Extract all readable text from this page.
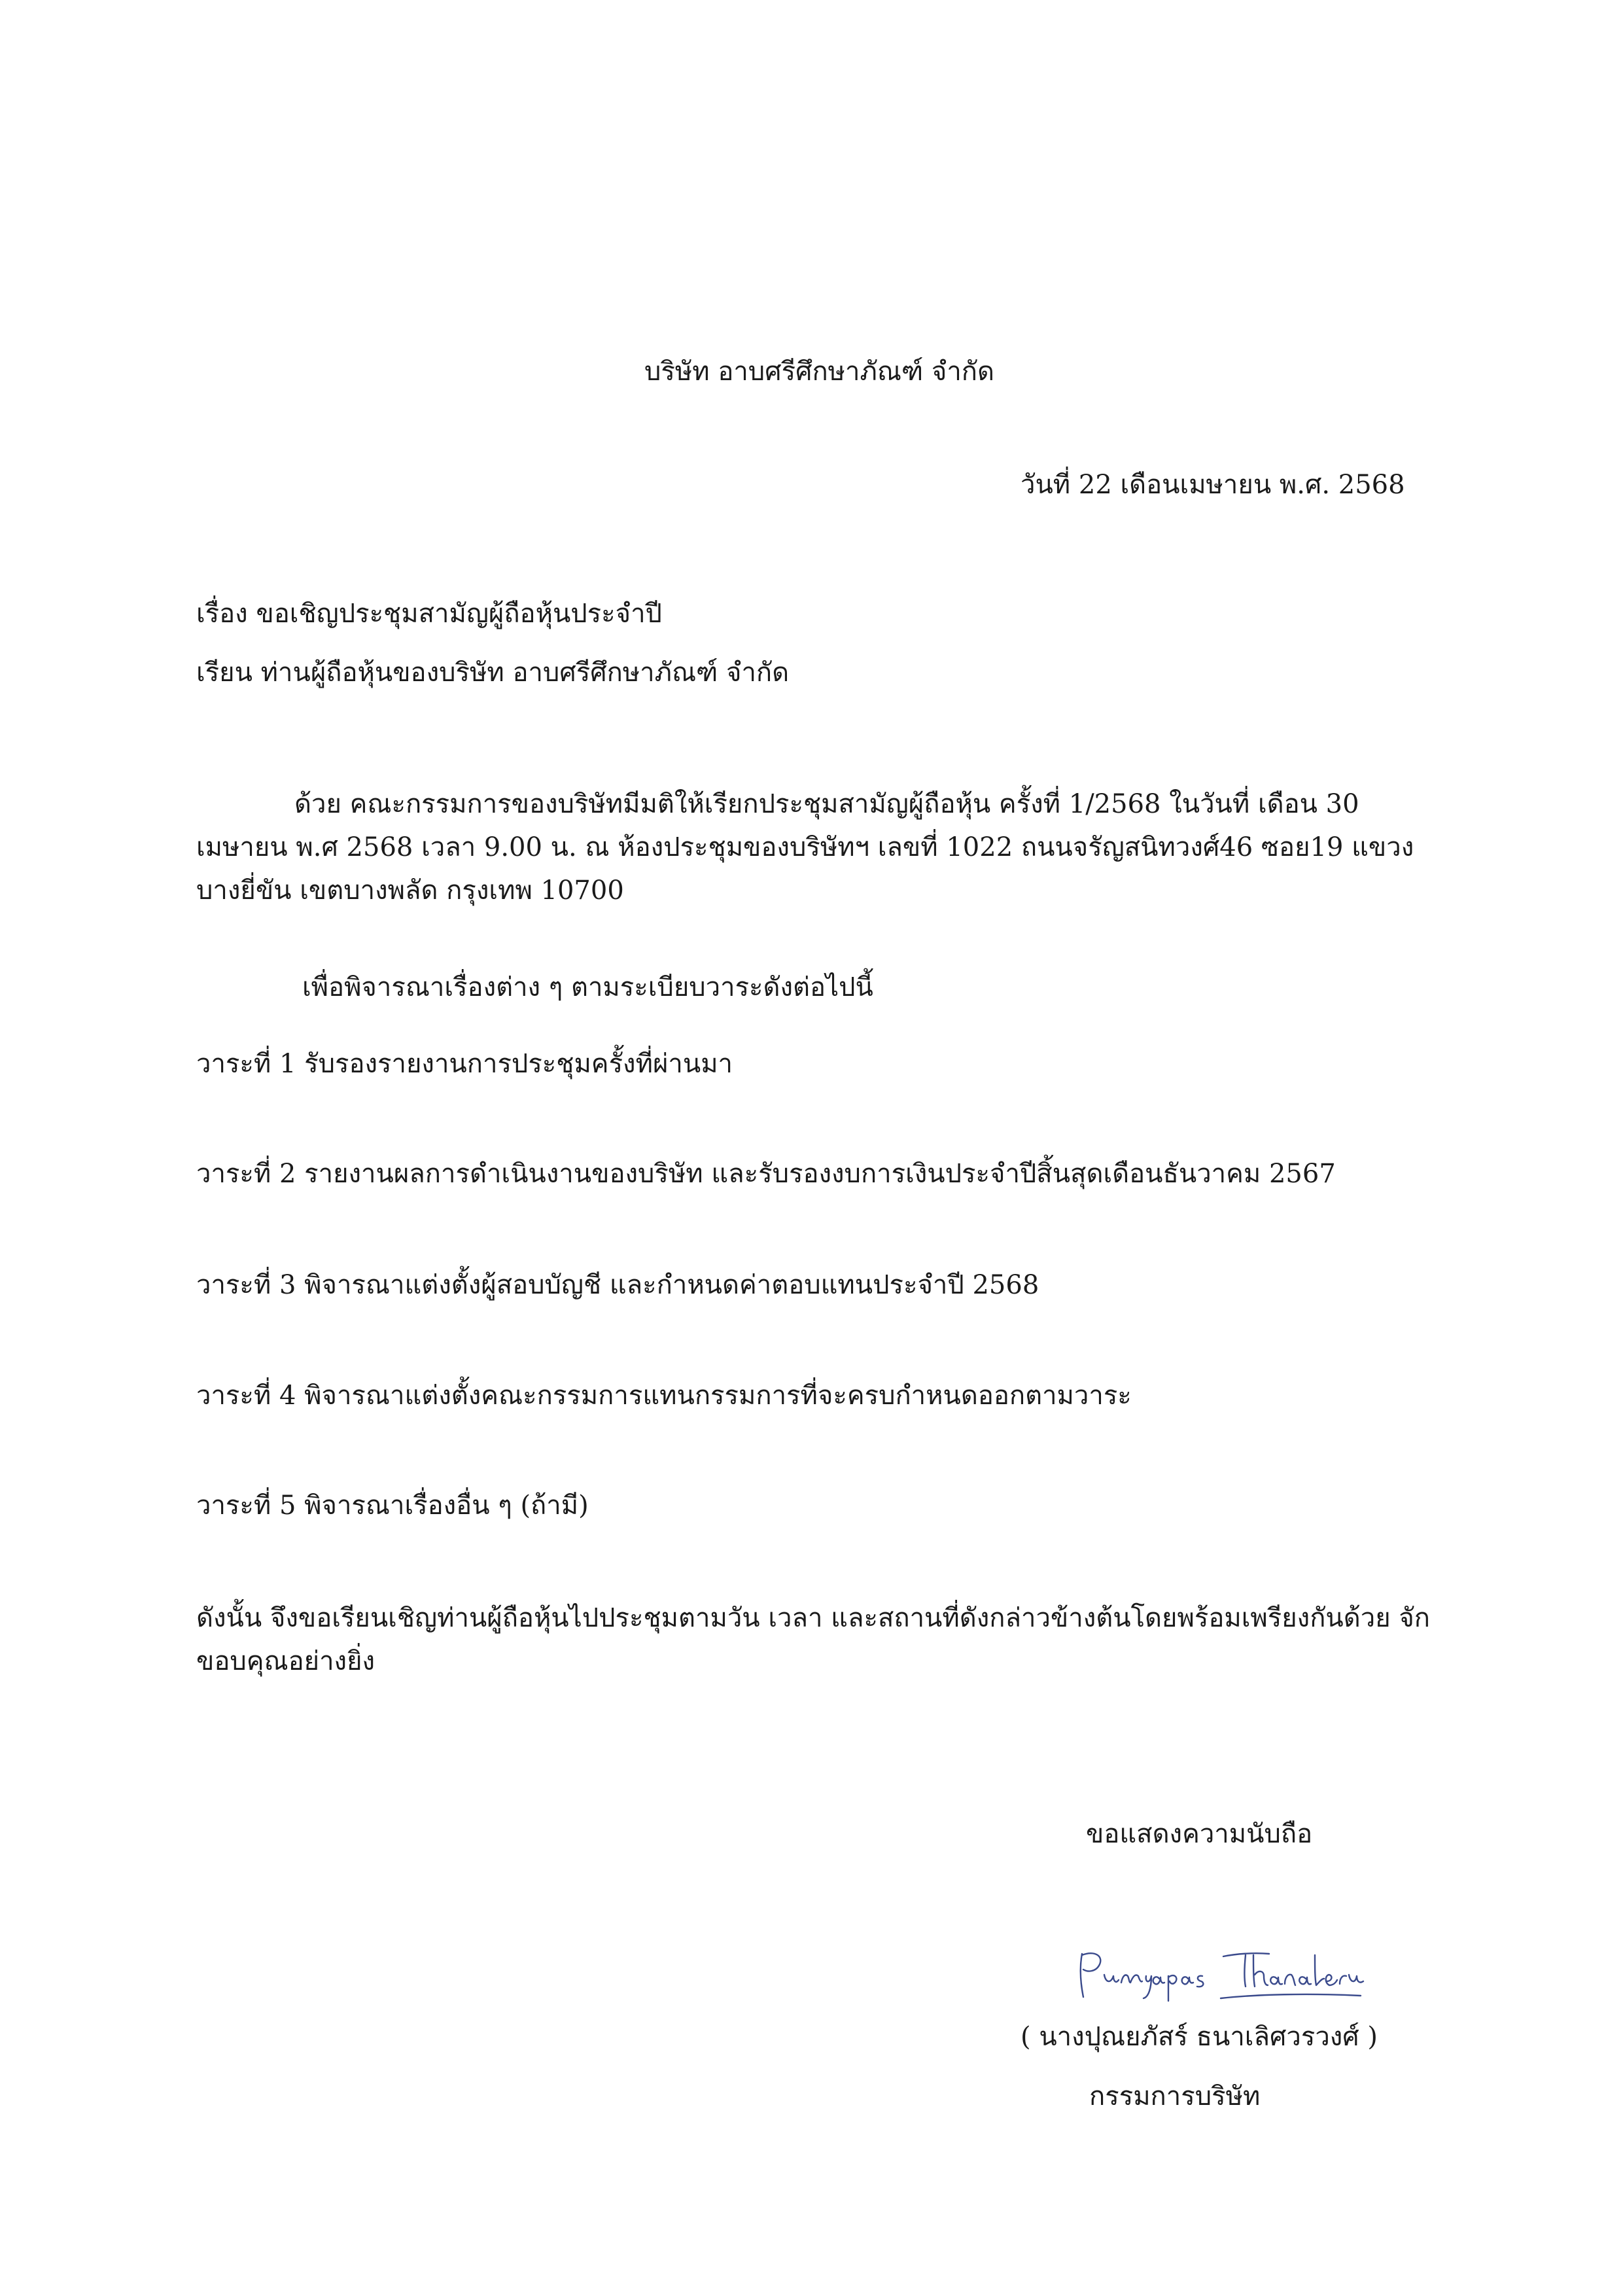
บริษัท อาบศรีศึกษาภัณฑ์ จำกัด
วันที่ 22 เดือนเมษายน พ.ศ. 2568
เรื่อง ขอเชิญประชุมสามัญผู้ถือหุ้นประจำปี
เรียน ท่านผู้ถือหุ้นของบริษัท อาบศรีศึกษาภัณฑ์ จำกัด
ด้วย คณะกรรมการของบริษัทมีมติให้เรียกประชุมสามัญผู้ถือหุ้น ครั้งที่ 1/2568 ในวันที่ เดือน 30 เมษายน พ.ศ 2568 เวลา 9.00 น. ณ ห้องประชุมของบริษัทฯ เลขที่ 1022 ถนนจรัญสนิทวงศ์46 ซอย19 แขวงบางยี่ขัน เขตบางพลัด กรุงเทพ 10700
เพื่อพิจารณาเรื่องต่าง ๆ ตามระเบียบวาระดังต่อไปนี้
วาระที่ 1 รับรองรายงานการประชุมครั้งที่ผ่านมา
วาระที่ 2 รายงานผลการดำเนินงานของบริษัท และรับรองงบการเงินประจำปีสิ้นสุดเดือนธันวาคม 2567
วาระที่ 3 พิจารณาแต่งตั้งผู้สอบบัญชี และกำหนดค่าตอบแทนประจำปี 2568
วาระที่ 4 พิจารณาแต่งตั้งคณะกรรมการแทนกรรมการที่จะครบกำหนดออกตามวาระ
วาระที่ 5 พิจารณาเรื่องอื่น ๆ (ถ้ามี)
ดังนั้น จึงขอเรียนเชิญท่านผู้ถือหุ้นไปประชุมตามวัน เวลา และสถานที่ดังกล่าวข้างต้นโดยพร้อมเพรียงกันด้วย จักขอบคุณอย่างยิ่ง
ขอแสดงความนับถือ
( นางปุณยภัสร์ ธนาเลิศวรวงศ์ )
กรรมการบริษัท
